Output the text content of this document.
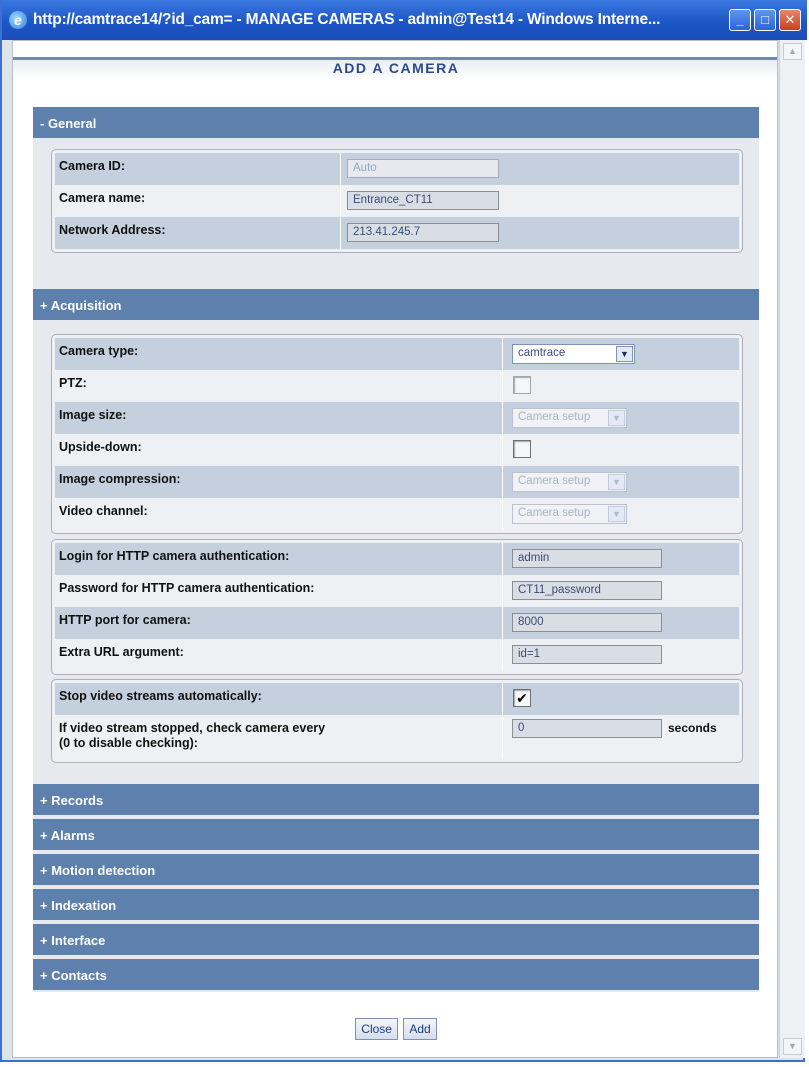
e http://camtrace14/?id_cam= - MANAGE CAMERAS - admin@Test14 - Windows Interne...	_	□	✕
ADD A CAMERA
- General
Camera ID:	Auto
Camera name:	Entrance_CT11
Network Address:	213.41.245.7
+ Acquisition
Camera type:	camtrace	▼
PTZ:
Image size:	Camera setup	▼
Upside-down:
Image compression:	Camera setup	▼
Video channel:	Camera setup	▼
Login for HTTP camera authentication:	admin
Password for HTTP camera authentication:	CT11_password
HTTP port for camera:	8000
Extra URL argument:	id=1
Stop video streams automatically:	✔
If video stream stopped, check camera every
(0 to disable checking):
0	seconds
+ Records
+ Alarms
+ Motion detection
+ Indexation
+ Interface
+ Contacts
Close Add
▲
▼
